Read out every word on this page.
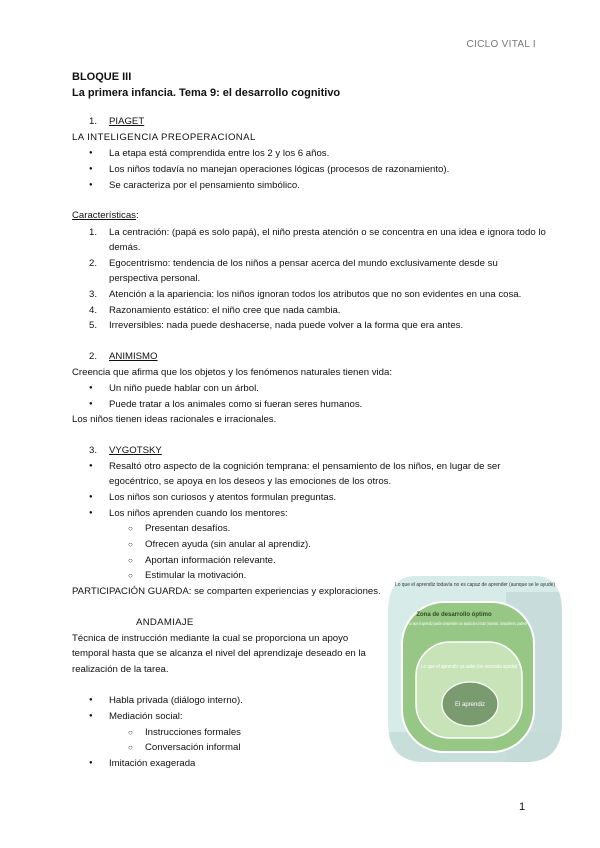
CICLO VITAL I
BLOQUE III
La primera infancia. Tema 9: el desarrollo cognitivo
1. PIAGET
LA INTELIGENCIA PREOPERACIONAL
● La etapa está comprendida entre los 2 y los 6 años.
● Los niños todavía no manejan operaciones lógicas (procesos de razonamiento).
● Se caracteriza por el pensamiento simbólico.
Características:
1. La centración: (papá es solo papá), el niño presta atención o se concentra en una idea e ignora todo lo
demás.
2. Egocentrismo: tendencia de los niños a pensar acerca del mundo exclusivamente desde su
perspectiva personal.
3. Atención a la apariencia: los niños ignoran todos los atributos que no son evidentes en una cosa.
4. Razonamiento estático: el niño cree que nada cambia.
5. Irreversibles: nada puede deshacerse, nada puede volver a la forma que era antes.
2. ANIMISMO
Creencia que afirma que los objetos y los fenómenos naturales tienen vida:
● Un niño puede hablar con un árbol.
● Puede tratar a los animales como si fueran seres humanos.
Los niños tienen ideas racionales e irracionales.
3. VYGOTSKY
● Resaltó otro aspecto de la cognición temprana: el pensamiento de los niños, en lugar de ser
egocéntrico, se apoya en los deseos y las emociones de los otros.
● Los niños son curiosos y atentos formulan preguntas.
● Los niños aprenden cuando los mentores:
○ Presentan desafíos.
○ Ofrecen ayuda (sin anular al aprendiz).
○ Aportan información relevante.
○ Estimular la motivación.
PARTICIPACIÓN GUARDA: se comparten experiencias y exploraciones.
ANDAMIAJE
Técnica de instrucción mediante la cual se proporciona un apoyo
temporal hasta que se alcanza el nivel del aprendizaje deseado en la
realización de la tarea.
● Habla privada (diálogo interno).
● Mediación social:
○ Instrucciones formales
○ Conversación informal
● Imitación exagerada
Lo que el aprendiz todavía no es capaz de aprender (aunque se le ayude)
Zona de desarrollo óptimo
Lo que el aprendiz puede comprender con ayuda de un tutor (maestro, compañeros, padres)
Lo que el aprendiz ya sabe (no necesita ayuda)
El aprendiz
1
